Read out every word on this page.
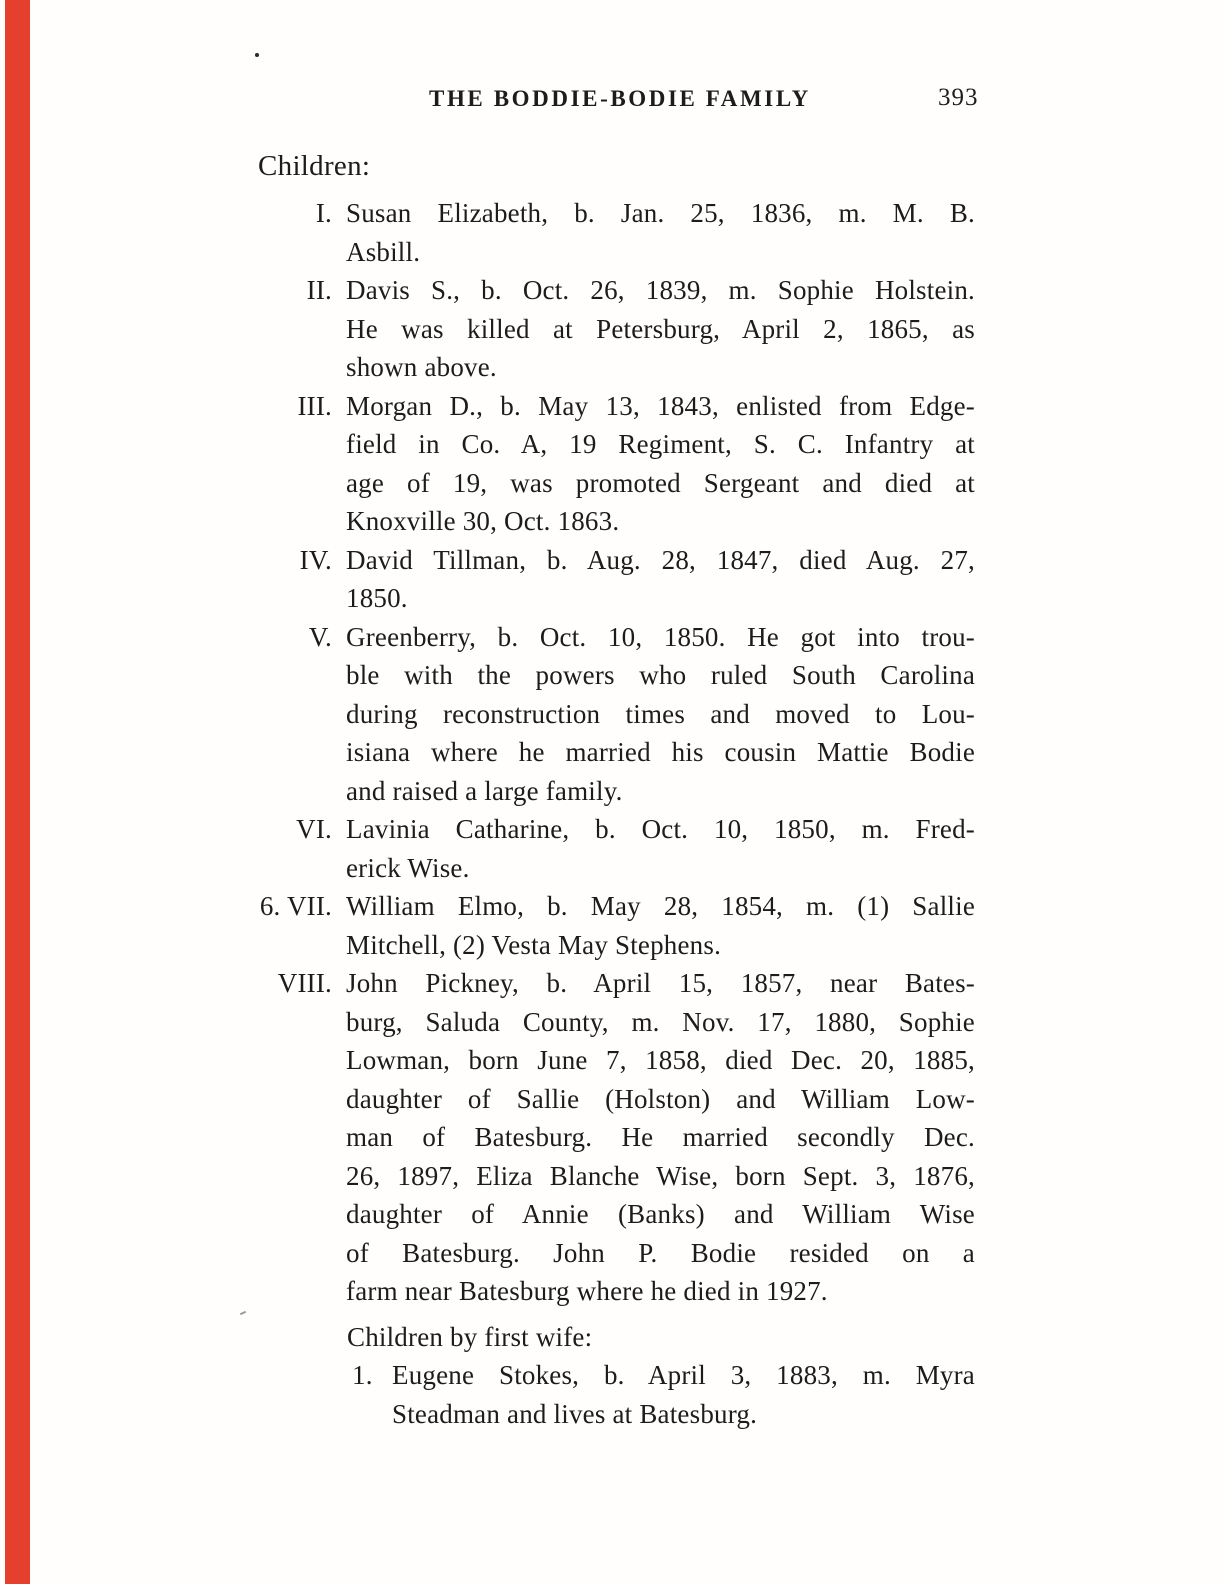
THE BODDIE-BODIE FAMILY	393
Children:
I. Susan Elizabeth, b. Jan. 25, 1836, m. M. B.
Asbill.
II. Davis S., b. Oct. 26, 1839, m. Sophie Holstein.
He was killed at Petersburg, April 2, 1865, as
shown above.
III. Morgan D., b. May 13, 1843, enlisted from Edge-
field in Co. A, 19 Regiment, S. C. Infantry at
age of 19, was promoted Sergeant and died at
Knoxville 30, Oct. 1863.
IV. David Tillman, b. Aug. 28, 1847, died Aug. 27,
1850.
V. Greenberry, b. Oct. 10, 1850. He got into trou-
ble with the powers who ruled South Carolina
during reconstruction times and moved to Lou-
isiana where he married his cousin Mattie Bodie
and raised a large family.
VI. Lavinia Catharine, b. Oct. 10, 1850, m. Fred-
erick Wise.
6. VII. William Elmo, b. May 28, 1854, m. (1) Sallie
Mitchell, (2) Vesta May Stephens.
VIII. John Pickney, b. April 15, 1857, near Bates-
burg, Saluda County, m. Nov. 17, 1880, Sophie
Lowman, born June 7, 1858, died Dec. 20, 1885,
daughter of Sallie (Holston) and William Low-
man of Batesburg. He married secondly Dec.
26, 1897, Eliza Blanche Wise, born Sept. 3, 1876,
daughter of Annie (Banks) and William Wise
of Batesburg. John P. Bodie resided on a
farm near Batesburg where he died in 1927.
Children by first wife:
1. Eugene Stokes, b. April 3, 1883, m. Myra
Steadman and lives at Batesburg.
